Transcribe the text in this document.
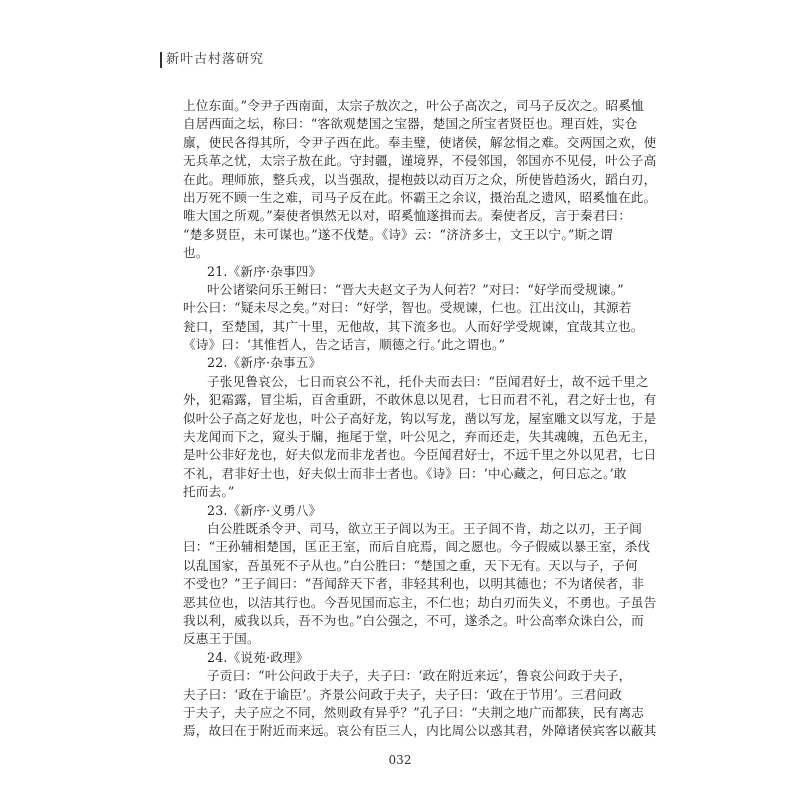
新叶古村落研究
上位东面。”令尹子西南面，太宗子敖次之，叶公子高次之，司马子反次之。昭奚恤
自居西面之坛，称曰：“客欲观楚国之宝器，楚国之所宝者贤臣也。理百姓，实仓
廪，使民各得其所，令尹子西在此。奉圭璧，使诸侯，解忿悁之难。交两国之欢，使
无兵革之忧，太宗子敖在此。守封疆，谨境界，不侵邻国，邻国亦不见侵，叶公子高
在此。理师旅，整兵戎，以当强敌，提枹鼓以动百万之众，所使皆趋汤火，蹈白刃，
出万死不顾一生之难，司马子反在此。怀霸王之余议，摄治乱之遗风，昭奚恤在此。
唯大国之所观。”秦使者惧然无以对，昭奚恤遂揖而去。秦使者反，言于秦君曰：
“楚多贤臣，未可谋也。”遂不伐楚。《诗》云：“济济多士，文王以宁。”斯之谓
也。
21.《新序·杂事四》
叶公诸梁问乐王鲋曰：“晋大夫赵文子为人何若？”对曰：“好学而受规谏。”
叶公曰：“疑未尽之矣。”对曰：“好学，智也。受规谏，仁也。江出汶山，其源若
瓮口，至楚国，其广十里，无他故，其下流多也。人而好学受规谏，宜哉其立也。
《诗》曰：‘其惟哲人，告之话言，顺德之行。’此之谓也。”
22.《新序·杂事五》
子张见鲁哀公，七日而哀公不礼，托仆夫而去曰：“臣闻君好士，故不远千里之
外，犯霜露，冒尘垢，百舍重趼，不敢休息以见君，七日而君不礼，君之好士也，有
似叶公子高之好龙也，叶公子高好龙，钩以写龙，凿以写龙，屋室雕文以写龙，于是
夫龙闻而下之，窥头于牖，拖尾于堂，叶公见之，弃而还走，失其魂魄，五色无主，
是叶公非好龙也，好夫似龙而非龙者也。今臣闻君好士，不远千里之外以见君，七日
不礼，君非好士也，好夫似士而非士者也。《诗》曰：‘中心藏之，何日忘之。’敢
托而去。”
23.《新序·义勇八》
白公胜既杀令尹、司马，欲立王子闾以为王。王子闾不肯，劫之以刃，王子闾
曰：“王孙辅相楚国，匡正王室，而后自庇焉，闾之愿也。今子假威以暴王室，杀伐
以乱国家，吾虽死不子从也。”白公胜曰：“楚国之重，天下无有。天以与子，子何
不受也？”王子闾曰：“吾闻辞天下者，非轻其利也，以明其德也；不为诸侯者，非
恶其位也，以洁其行也。今吾见国而忘主，不仁也；劫白刃而失义，不勇也。子虽告
我以利，威我以兵，吾不为也。”白公强之，不可，遂杀之。叶公高率众诛白公，而
反惠王于国。
24.《说苑·政理》
子贡曰：“叶公问政于夫子，夫子曰：‘政在附近来远’，鲁哀公问政于夫子，
夫子曰：‘政在于谕臣’。齐景公问政于夫子，夫子曰：‘政在于节用’。三君问政
于夫子，夫子应之不同，然则政有异乎？”孔子曰：“夫荆之地广而都狭，民有离志
焉，故曰在于附近而来远。哀公有臣三人，内比周公以惑其君，外障诸侯宾客以蔽其
032
